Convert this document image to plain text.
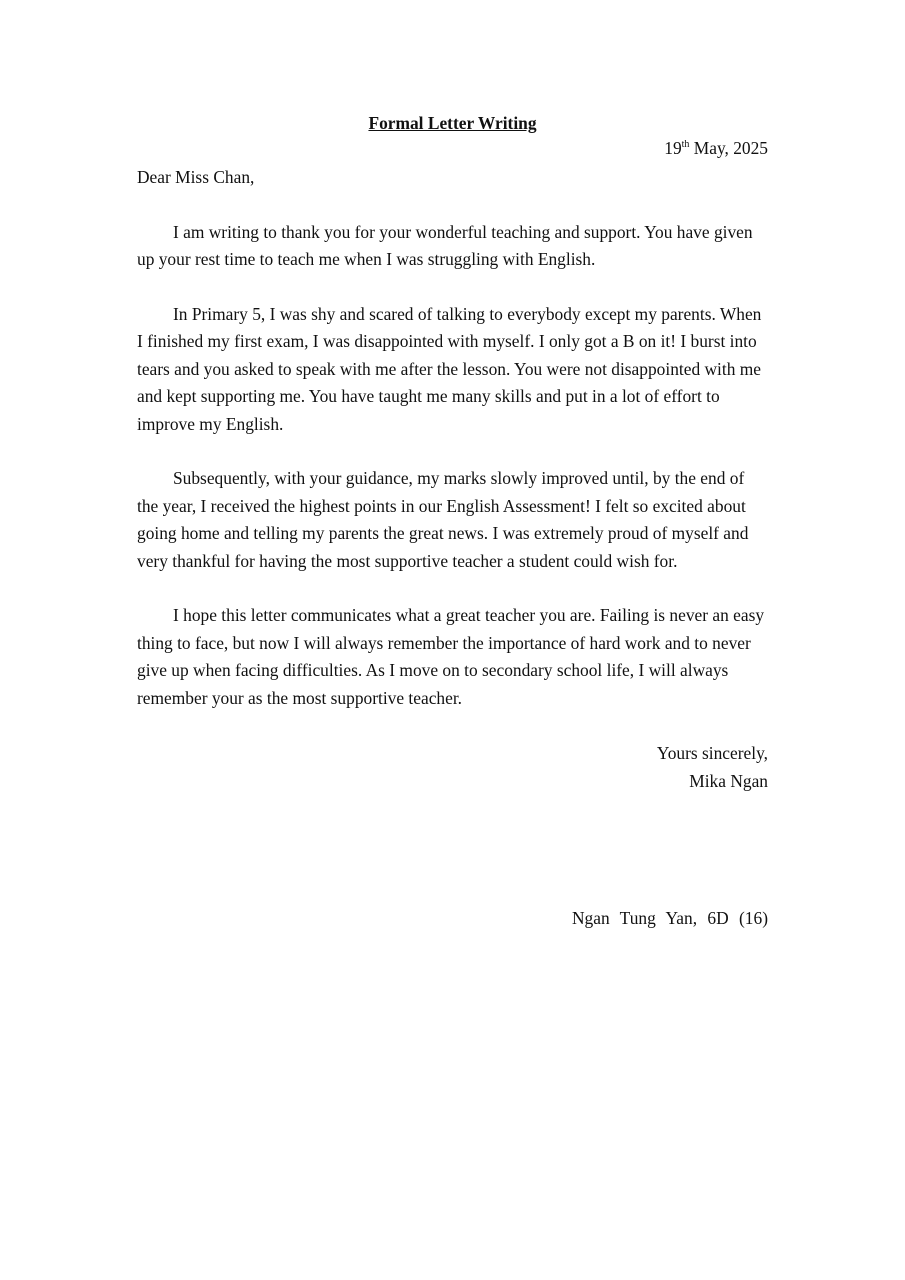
Formal Letter Writing
19th May, 2025
Dear Miss Chan,

I am writing to thank you for your wonderful teaching and support. You have given up your rest time to teach me when I was struggling with English.

In Primary 5, I was shy and scared of talking to everybody except my parents. When I finished my first exam, I was disappointed with myself. I only got a B on it! I burst into tears and you asked to speak with me after the lesson. You were not disappointed with me and kept supporting me. You have taught me many skills and put in a lot of effort to improve my English.

Subsequently, with your guidance, my marks slowly improved until, by the end of the year, I received the highest points in our English Assessment! I felt so excited about going home and telling my parents the great news. I was extremely proud of myself and very thankful for having the most supportive teacher a student could wish for.

I hope this letter communicates what a great teacher you are. Failing is never an easy thing to face, but now I will always remember the importance of hard work and to never give up when facing difficulties. As I move on to secondary school life, I will always remember your as the most supportive teacher.

Yours sincerely,
Mika Ngan
Ngan Tung Yan, 6D (16)
